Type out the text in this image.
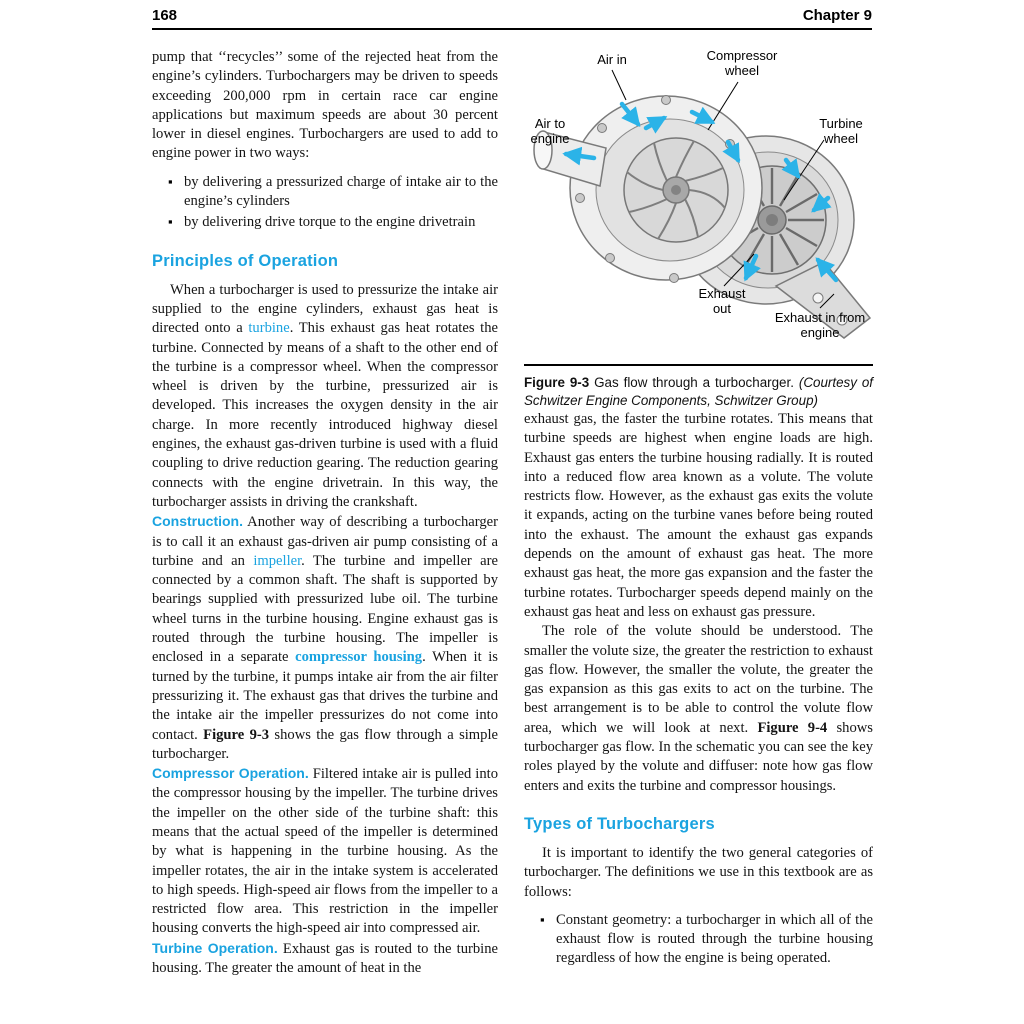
168	Chapter 9

pump that ‘‘recycles’’ some of the rejected heat from the engine’s cylinders. Turbochargers may be driven to speeds exceeding 200,000 rpm in certain race car engine applications but maximum speeds are about 30 percent lower in diesel engines. Turbochargers are used to add to engine power in two ways:

▪ by delivering a pressurized charge of intake air to the engine’s cylinders
▪ by delivering drive torque to the engine drivetrain
Principles of Operation

When a turbocharger is used to pressurize the intake air supplied to the engine cylinders, exhaust gas heat is directed onto a turbine. This exhaust gas heat rotates the turbine. Connected by means of a shaft to the other end of the turbine is a compressor wheel. When the compressor wheel is driven by the turbine, pressurized air is developed. This increases the oxygen density in the air charge. In more recently introduced highway diesel engines, the exhaust gas-driven turbine is used with a fluid coupling to drive reduction gearing. The reduction gearing connects with the engine drivetrain. In this way, the turbocharger assists in driving the crankshaft.

Construction. Another way of describing a turbocharger is to call it an exhaust gas-driven air pump consisting of a turbine and an impeller. The turbine and impeller are connected by a common shaft. The shaft is supported by bearings supplied with pressurized lube oil. The turbine wheel turns in the turbine housing. Engine exhaust gas is routed through the turbine housing. The impeller is enclosed in a separate compressor housing. When it is turned by the turbine, it pumps intake air from the air filter pressurizing it. The exhaust gas that drives the turbine and the intake air the impeller pressurizes do not come into contact. Figure 9-3 shows the gas flow through a simple turbocharger.

Compressor Operation. Filtered intake air is pulled into the compressor housing by the impeller. The turbine drives the impeller on the other side of the turbine shaft: this means that the actual speed of the impeller is determined by what is happening in the turbine housing. As the impeller rotates, the air in the intake system is accelerated to high speeds. High-speed air flows from the impeller to a restricted flow area. This restriction in the impeller housing converts the high-speed air into compressed air.

Turbine Operation. Exhaust gas is routed to the turbine housing. The greater the amount of heat in the

Air in	Compressor wheel
Air to engine
Turbine wheel
Exhaust out
Exhaust in from engine

Figure 9-3 Gas flow through a turbocharger. (Courtesy of Schwitzer Engine Components, Schwitzer Group)

exhaust gas, the faster the turbine rotates. This means that turbine speeds are highest when engine loads are high. Exhaust gas enters the turbine housing radially. It is routed into a reduced flow area known as a volute. The volute restricts flow. However, as the exhaust gas exits the volute it expands, acting on the turbine vanes before being routed into the exhaust. The amount the exhaust gas expands depends on the amount of exhaust gas heat. The more exhaust gas heat, the more gas expansion and the faster the turbine rotates. Turbocharger speeds depend mainly on the exhaust gas heat and less on exhaust gas pressure.

The role of the volute should be understood. The smaller the volute size, the greater the restriction to exhaust gas flow. However, the smaller the volute, the greater the gas expansion as this gas exits to act on the turbine. The best arrangement is to be able to control the volute flow area, which we will look at next. Figure 9-4 shows turbocharger gas flow. In the schematic you can see the key roles played by the volute and diffuser: note how gas flow enters and exits the turbine and compressor housings.

Types of Turbochargers

It is important to identify the two general categories of turbocharger. The definitions we use in this textbook are as follows:

▪ Constant geometry: a turbocharger in which all of the exhaust flow is routed through the turbine housing regardless of how the engine is being operated.
